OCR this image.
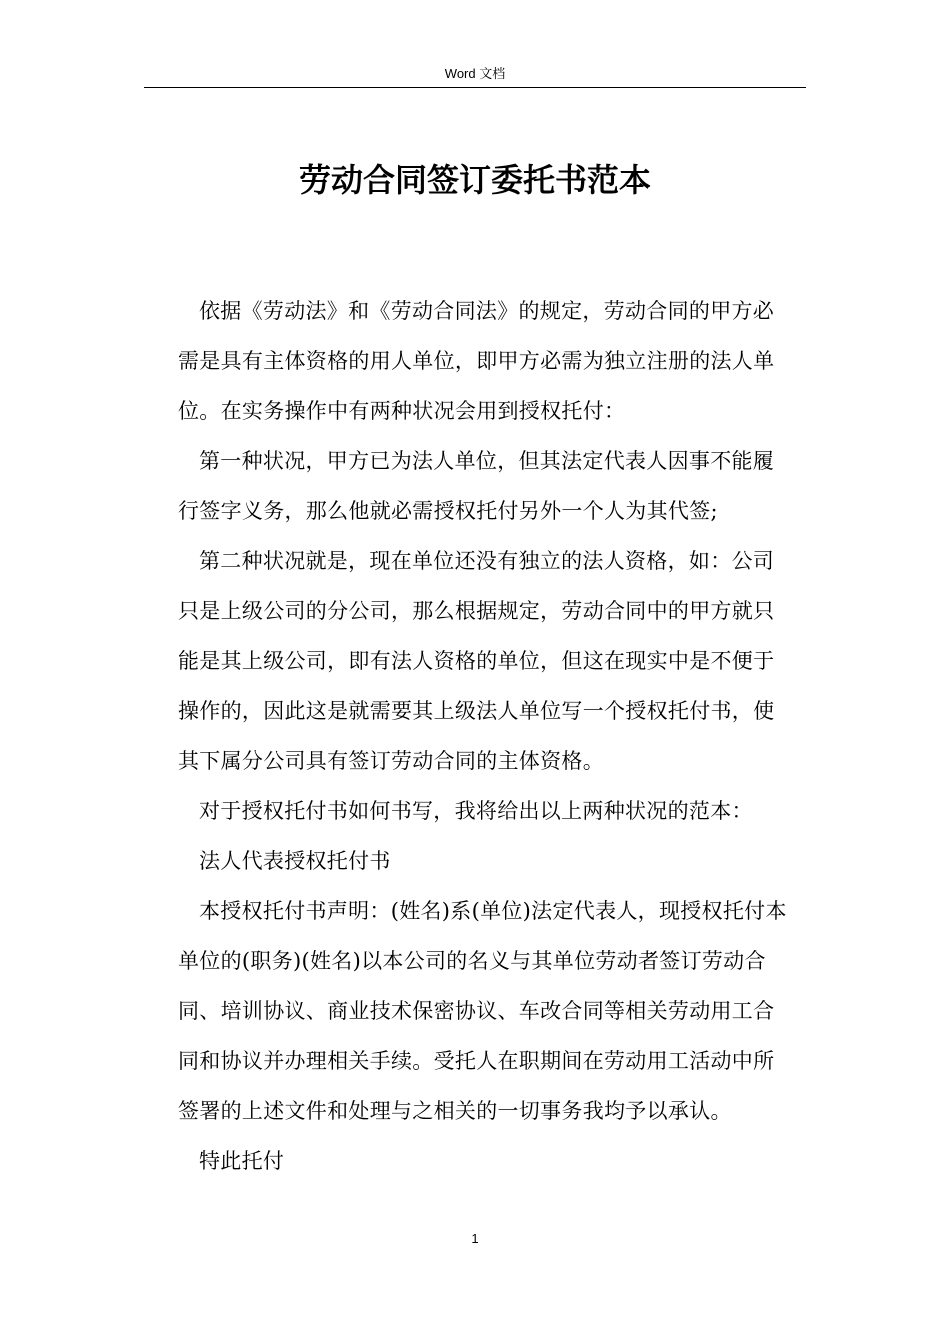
Word 文档
劳动合同签订委托书范本

依据《劳动法》和《劳动合同法》的规定，劳动合同的甲方必
需是具有主体资格的用人单位，即甲方必需为独立注册的法人单
位。在实务操作中有两种状况会用到授权托付：

第一种状况，甲方已为法人单位，但其法定代表人因事不能履
行签字义务，那么他就必需授权托付另外一个人为其代签;

第二种状况就是，现在单位还没有独立的法人资格，如：公司
只是上级公司的分公司，那么根据规定，劳动合同中的甲方就只
能是其上级公司，即有法人资格的单位，但这在现实中是不便于
操作的，因此这是就需要其上级法人单位写一个授权托付书，使
其下属分公司具有签订劳动合同的主体资格。

对于授权托付书如何书写，我将给出以上两种状况的范本：

法人代表授权托付书

本授权托付书声明：(姓名)系(单位)法定代表人，现授权托付本
单位的(职务)(姓名)以本公司的名义与其单位劳动者签订劳动合
同、培训协议、商业技术保密协议、车改合同等相关劳动用工合
同和协议并办理相关手续。受托人在职期间在劳动用工活动中所
签署的上述文件和处理与之相关的一切事务我均予以承认。

特此托付

1
